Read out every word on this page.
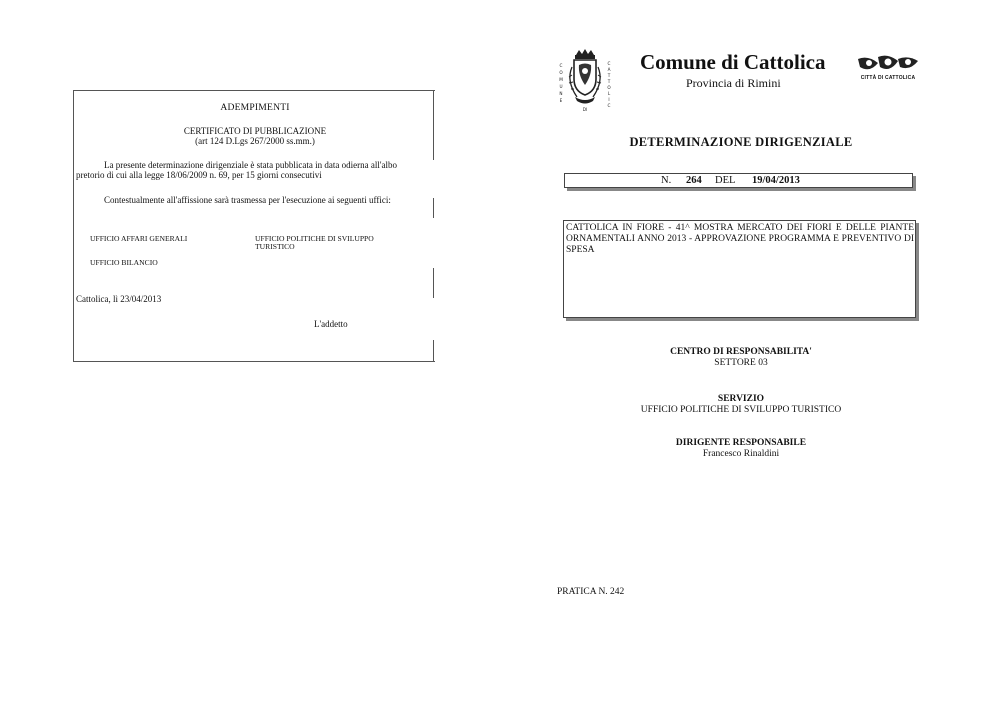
ADEMPIMENTI
CERTIFICATO DI PUBBLICAZIONE
(art 124 D.Lgs 267/2000 ss.mm.)
La presente determinazione dirigenziale è stata pubblicata in data odierna all'albo
pretorio di cui alla legge 18/06/2009 n. 69, per 15 giorni consecutivi
Contestualmente all'affissione sarà trasmessa per l'esecuzione ai seguenti uffici:
UFFICIO AFFARI GENERALI	UFFICIO POLITICHE DI SVILUPPO
TURISTICO
UFFICIO BILANCIO
Cattolica, lì 23/04/2013
L'addetto
C
O
M
U
N
E
C
A
T
T
O
L
I
C
DI
Comune di Cattolica
Provincia di Rimini	CITTÀ DI CATTOLICA
DETERMINAZIONE DIRIGENZIALE
N. 264 DEL 19/04/2013
CATTOLICA IN FIORE - 41^ MOSTRA MERCATO DEI FIORI E DELLE PIANTE ORNAMENTALI ANNO 2013 - APPROVAZIONE PROGRAMMA E PREVENTIVO DI SPESA
CENTRO DI RESPONSABILITA'
SETTORE 03
SERVIZIO
UFFICIO POLITICHE DI SVILUPPO TURISTICO
DIRIGENTE RESPONSABILE
Francesco Rinaldini
PRATICA N. 242
